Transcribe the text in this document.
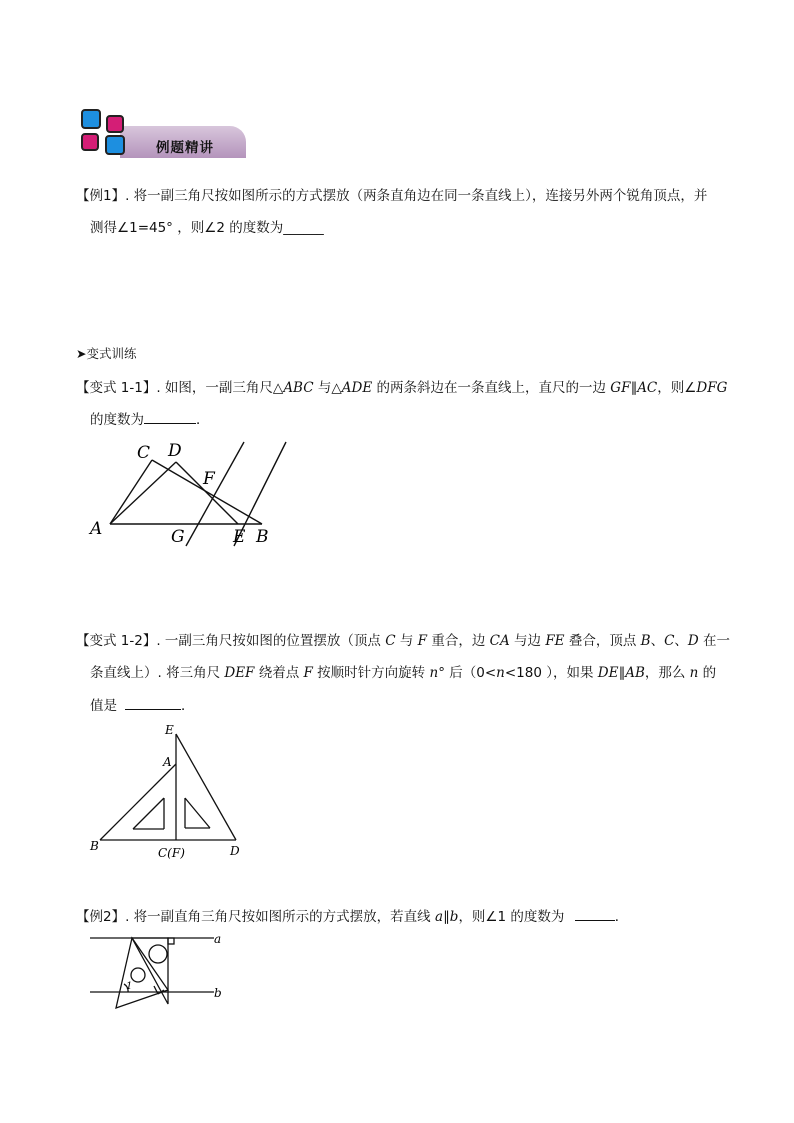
例题精讲
【例1】. 将一副三角尺按如图所示的方式摆放（两条直角边在同一条直线上），连接另外两个锐角顶点，并
测得∠1=45° ，则∠2 的度数为______
➤变式训练
【变式 1-1】. 如图，一副三角尺△ABC 与△ADE 的两条斜边在一条直线上，直尺的一边 GF∥AC，则∠DFG
的度数为	．
A
C D
F
G	E B
【变式 1-2】. 一副三角尺按如图的位置摆放（顶点 C 与 F 重合，边 CA 与边 FE 叠合，顶点 B、C、D 在一
条直线上）. 将三角尺 DEF 绕着点 F 按顺时针方向旋转 n° 后（0<n<180 ），如果 DE∥AB，那么 n 的
值是	．
E
A
B	C(F)	D
【例2】. 将一副直角三角尺按如图所示的方式摆放，若直线 a∥b，则∠1 的度数为	．
a
b
1
